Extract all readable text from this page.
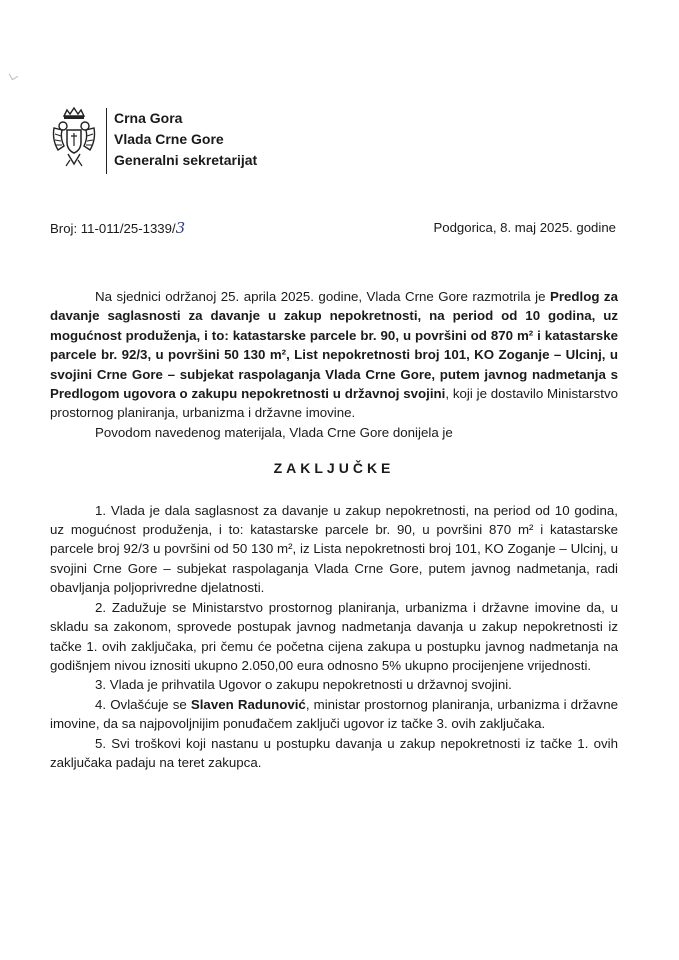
Crna Gora
Vlada Crne Gore
Generalni sekretarijat
Broj: 11-011/25-1339/3	Podgorica, 8. maj 2025. godine

Na sjednici održanoj 25. aprila 2025. godine, Vlada Crne Gore razmotrila je Predlog za davanje saglasnosti za davanje u zakup nepokretnosti, na period od 10 godina, uz mogućnost produženja, i to: katastarske parcele br. 90, u površini od 870 m² i katastarske parcele br. 92/3, u površini 50 130 m², List nepokretnosti broj 101, KO Zoganje – Ulcinj, u svojini Crne Gore – subjekat raspolaganja Vlada Crne Gore, putem javnog nadmetanja s Predlogom ugovora o zakupu nepokretnosti u državnoj svojini, koji je dostavilo Ministarstvo prostornog planiranja, urbanizma i državne imovine.

Povodom navedenog materijala, Vlada Crne Gore donijela je

ZAKLJUČKE

1. Vlada je dala saglasnost za davanje u zakup nepokretnosti, na period od 10 godina, uz mogućnost produženja, i to: katastarske parcele br. 90, u površini 870 m² i katastarske parcele broj 92/3 u površini od 50 130 m², iz Lista nepokretnosti broj 101, KO Zoganje – Ulcinj, u svojini Crne Gore – subjekat raspolaganja Vlada Crne Gore, putem javnog nadmetanja, radi obavljanja poljoprivredne djelatnosti.

2. Zadužuje se Ministarstvo prostornog planiranja, urbanizma i državne imovine da, u skladu sa zakonom, sprovede postupak javnog nadmetanja davanja u zakup nepokretnosti iz tačke 1. ovih zaključaka, pri čemu će početna cijena zakupa u postupku javnog nadmetanja na godišnjem nivou iznositi ukupno 2.050,00 eura odnosno 5% ukupno procijenjene vrijednosti.

3. Vlada je prihvatila Ugovor o zakupu nepokretnosti u državnoj svojini.

4. Ovlašćuje se Slaven Radunović, ministar prostornog planiranja, urbanizma i državne imovine, da sa najpovoljnijim ponuđačem zaključi ugovor iz tačke 3. ovih zaključaka.

5. Svi troškovi koji nastanu u postupku davanja u zakup nepokretnosti iz tačke 1. ovih zaključaka padaju na teret zakupca.
